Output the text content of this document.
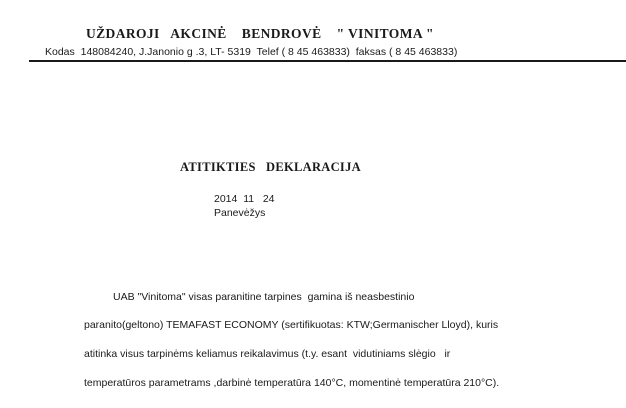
UŽDAROJI   AKCINĖ    BENDROVĖ    " VINITOMA "
Kodas  148084240, J.Janonio g .3, LT- 5319  Telef ( 8 45 463833)  faksas ( 8 45 463833)
ATITIKTIES   DEKLARACIJA
2014  11   24
Panevėžys
UAB "Vinitoma" visas paranitine tarpines  gamina iš neasbestinio
paranito(geltono) TEMAFAST ECONOMY (sertifikuotas: KTW;Germanischer Lloyd), kuris
atitinka visus tarpinėms keliamus reikalavimus (t.y. esant  vidutiniams slėgio   ir
temperatūros parametrams ,darbinė temperatūra 140°C, momentinė temperatūra 210°C).
